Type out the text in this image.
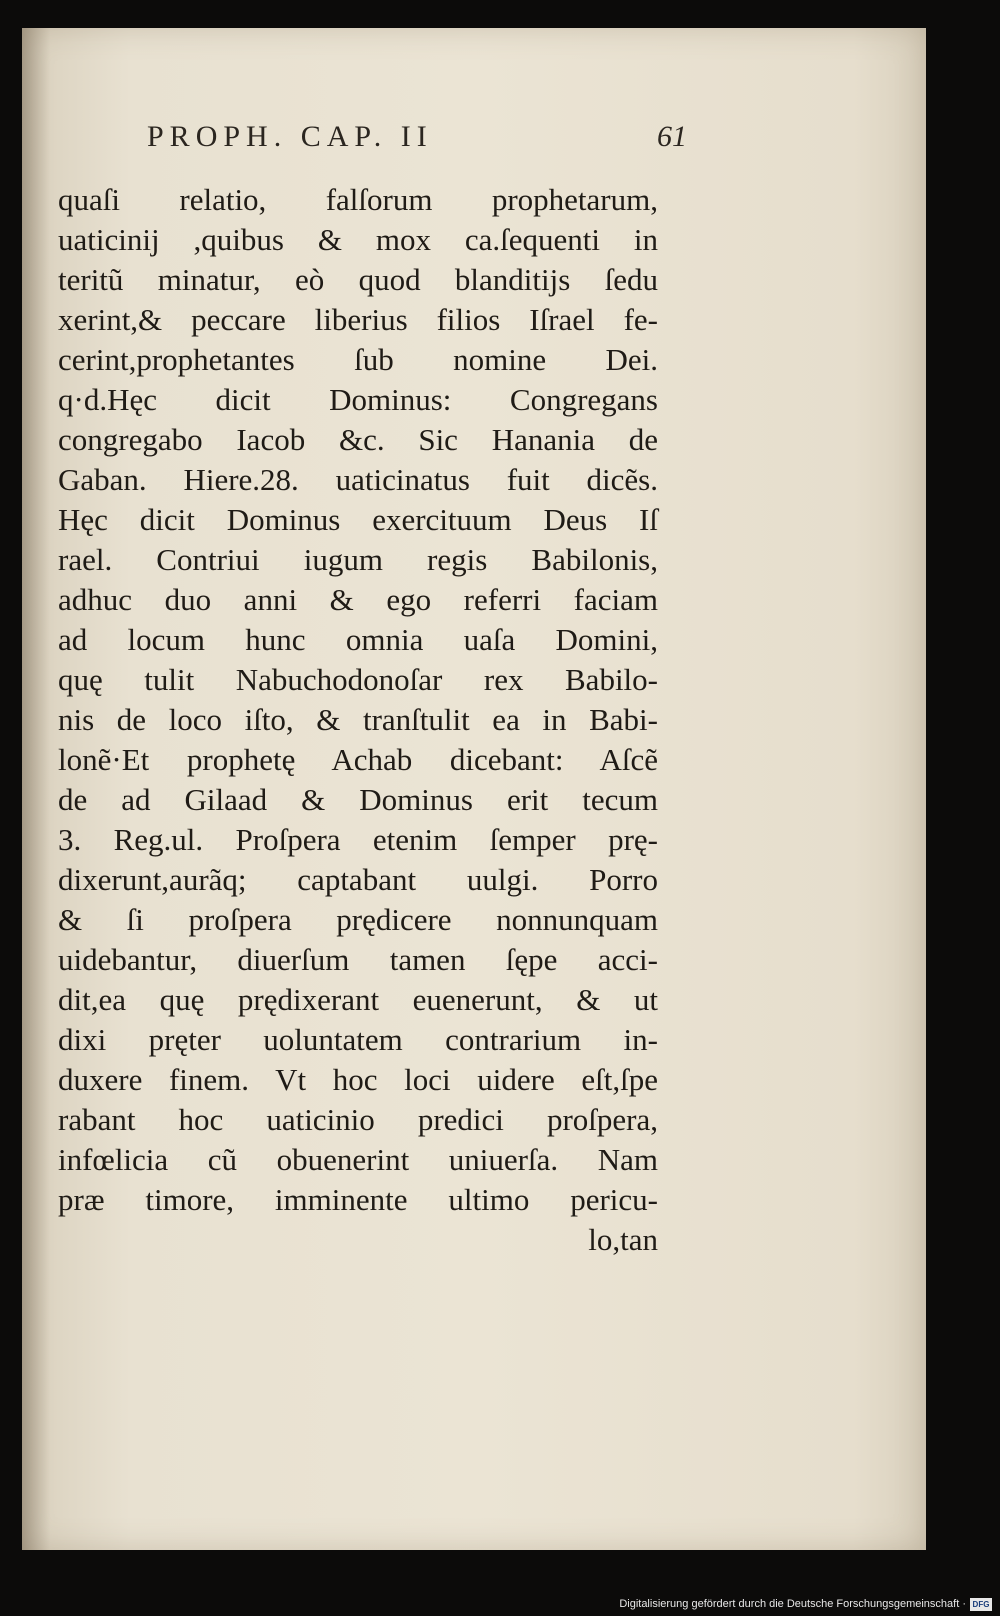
PROPH. CAP. II	61
quaſi relatio, falſorum prophetarum,
uaticinij ,quibus & mox ca.ſequenti in
teritũ minatur, eò quod blanditijs ſedu
xerint,& peccare liberius filios Iſrael fe-
cerint,prophetantes ſub nomine Dei.
q·d.Hęc dicit Dominus: Congregans
congregabo Iacob &c. Sic Hanania de
Gaban. Hiere.28. uaticinatus fuit dicẽs.
Hęc dicit Dominus exercituum Deus Iſ
rael. Contriui iugum regis Babilonis,
adhuc duo anni & ego referri faciam
ad locum hunc omnia uaſa Domini,
quę tulit Nabuchodonoſar rex Babilo-
nis de loco iſto, & tranſtulit ea in Babi-
lonẽ·Et prophetę Achab dicebant: Aſcẽ
de ad Gilaad & Dominus erit tecum
3. Reg.ul. Proſpera etenim ſemper prę-
dixerunt,aurãq; captabant uulgi. Porro
& ſi proſpera prędicere nonnunquam
uidebantur, diuerſum tamen ſępe acci-
dit,ea quę prędixerant euenerunt, & ut
dixi pręter uoluntatem contrarium in-
duxere finem. Vt hoc loci uidere eſt,ſpe
rabant hoc uaticinio predici proſpera,
infœlicia cũ obuenerint uniuerſa. Nam
præ timore, imminente ultimo pericu-
lo,tan
Digitalisierung gefördert durch die Deutsche Forschungsgemeinschaft · DFG
